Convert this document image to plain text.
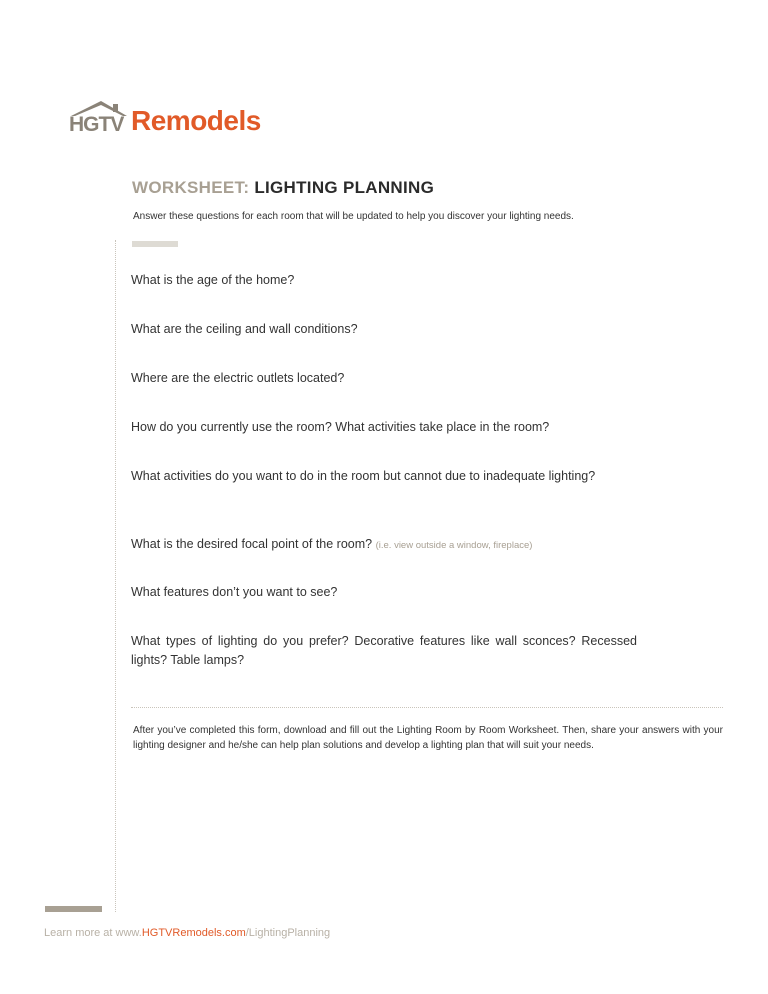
HGTV Remodels
WORKSHEET: LIGHTING PLANNING
Answer these questions for each room that will be updated to help you discover your lighting needs.
What is the age of the home?
What are the ceiling and wall conditions?
Where are the electric outlets located?
How do you currently use the room? What activities take place in the room?
What activities do you want to do in the room but cannot due to inadequate lighting?
What is the desired focal point of the room? (i.e. view outside a window, fireplace)
What features don’t you want to see?
What types of lighting do you prefer? Decorative features like wall sconces? Recessed lights? Table lamps?
After you’ve completed this form, download and fill out the Lighting Room by Room Worksheet. Then, share your answers with your lighting designer and he/she can help plan solutions and develop a lighting plan that will suit your needs.
Learn more at www.HGTVRemodels.com/LightingPlanning
